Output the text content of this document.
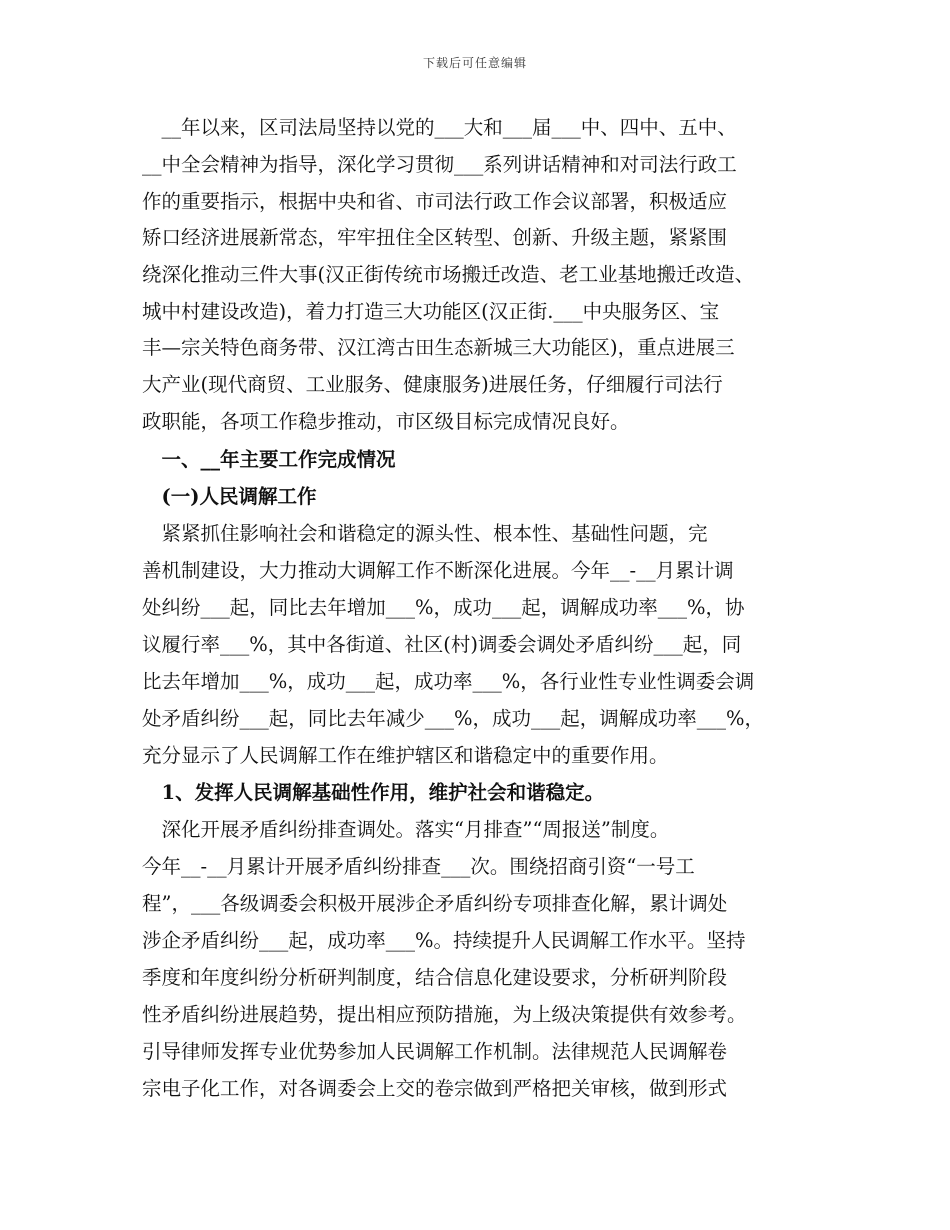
下载后可任意编辑
　__年以来，区司法局坚持以党的___大和___届___中、四中、五中、
__中全会精神为指导，深化学习贯彻___系列讲话精神和对司法行政工
作的重要指示，根据中央和省、市司法行政工作会议部署，积极适应
矫口经济进展新常态，牢牢扭住全区转型、创新、升级主题，紧紧围
绕深化推动三件大事(汉正街传统市场搬迁改造、老工业基地搬迁改造、
城中村建设改造)，着力打造三大功能区(汉正街.___中央服务区、宝
丰—宗关特色商务带、汉江湾古田生态新城三大功能区)，重点进展三
大产业(现代商贸、工业服务、健康服务)进展任务，仔细履行司法行
政职能，各项工作稳步推动，市区级目标完成情况良好。
　一、__年主要工作完成情况
　(一)人民调解工作
　紧紧抓住影响社会和谐稳定的源头性、根本性、基础性问题，完
善机制建设，大力推动大调解工作不断深化进展。今年__-__月累计调
处纠纷___起，同比去年增加___%，成功___起，调解成功率___%，协
议履行率___%，其中各街道、社区(村)调委会调处矛盾纠纷___起，同
比去年增加___%，成功___起，成功率___%，各行业性专业性调委会调
处矛盾纠纷___起，同比去年减少___%，成功___起，调解成功率___%，
充分显示了人民调解工作在维护辖区和谐稳定中的重要作用。
　1、发挥人民调解基础性作用，维护社会和谐稳定。
　深化开展矛盾纠纷排查调处。落实“月排查”“周报送”制度。
今年__-__月累计开展矛盾纠纷排查___次。围绕招商引资“一号工
程”，___各级调委会积极开展涉企矛盾纠纷专项排查化解，累计调处
涉企矛盾纠纷___起，成功率___%。持续提升人民调解工作水平。坚持
季度和年度纠纷分析研判制度，结合信息化建设要求，分析研判阶段
性矛盾纠纷进展趋势，提出相应预防措施，为上级决策提供有效参考。
引导律师发挥专业优势参加人民调解工作机制。法律规范人民调解卷
宗电子化工作，对各调委会上交的卷宗做到严格把关审核，做到形式
